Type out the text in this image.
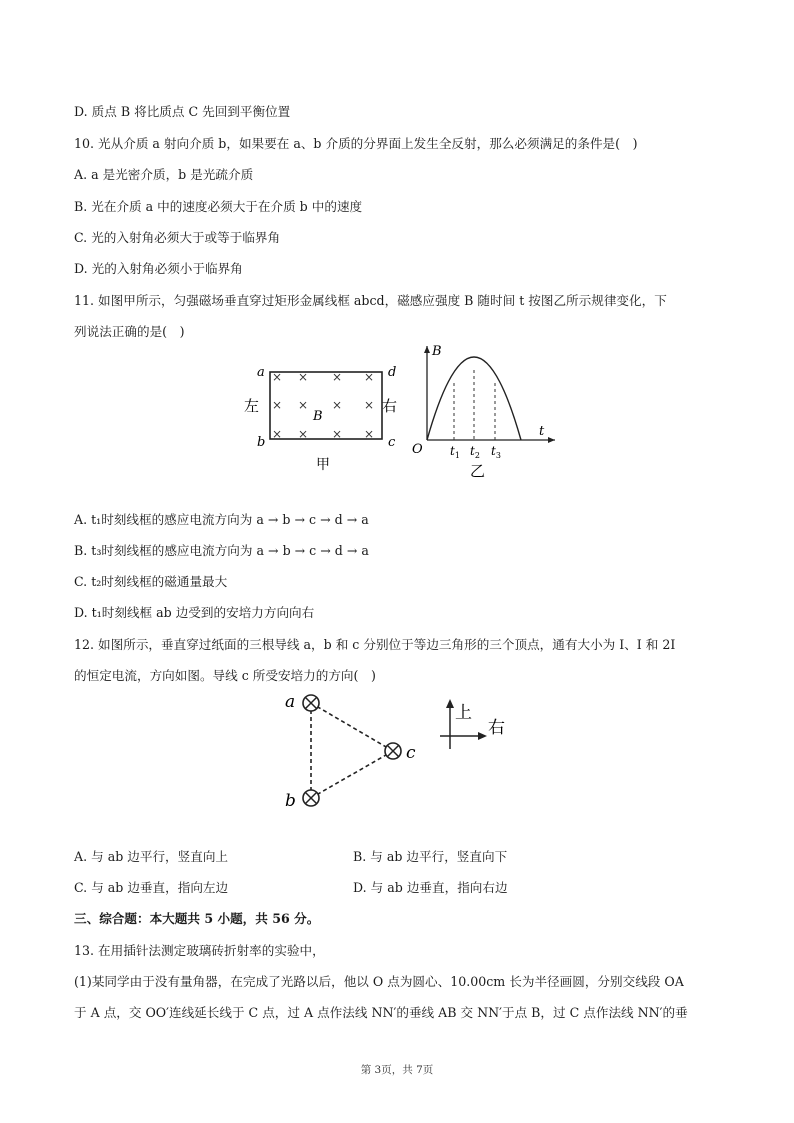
D. 质点 B 将比质点 C 先回到平衡位置
10. 光从介质 a 射向介质 b，如果要在 a、b 介质的分界面上发生全反射，那么必须满足的条件是(　)
A. a 是光密介质，b 是光疏介质
B. 光在介质 a 中的速度必须大于在介质 b 中的速度
C. 光的入射角必须大于或等于临界角
D. 光的入射角必须小于临界角
11. 如图甲所示，匀强磁场垂直穿过矩形金属线框 abcd，磁感应强度 B 随时间 t 按图乙所示规律变化，下
列说法正确的是(　)
× × × ×
× × × ×
× × × ×
a	d
b	c
左	右
B
甲
B
t
O $t_1$ $t_2$ $t_3$
乙
A. t₁时刻线框的感应电流方向为 a → b → c → d → a
B. t₃时刻线框的感应电流方向为 a → b → c → d → a
C. t₂时刻线框的磁通量最大
D. t₁时刻线框 ab 边受到的安培力方向向右
12. 如图所示，垂直穿过纸面的三根导线 a，b 和 c 分别位于等边三角形的三个顶点，通有大小为 I、I 和 2I
的恒定电流，方向如图。导线 c 所受安培力的方向(　)
a
b
c
上
右
A. 与 ab 边平行，竖直向上	B. 与 ab 边平行，竖直向下
C. 与 ab 边垂直，指向左边	D. 与 ab 边垂直，指向右边
三、综合题：本大题共 5 小题，共 56 分。
13. 在用插针法测定玻璃砖折射率的实验中，
(1)某同学由于没有量角器，在完成了光路以后，他以 O 点为圆心、10.00cm 长为半径画圆，分别交线段 OA
于 A 点，交 OO′连线延长线于 C 点，过 A 点作法线 NN′的垂线 AB 交 NN′于点 B，过 C 点作法线 NN′的垂
第 3页，共 7页
